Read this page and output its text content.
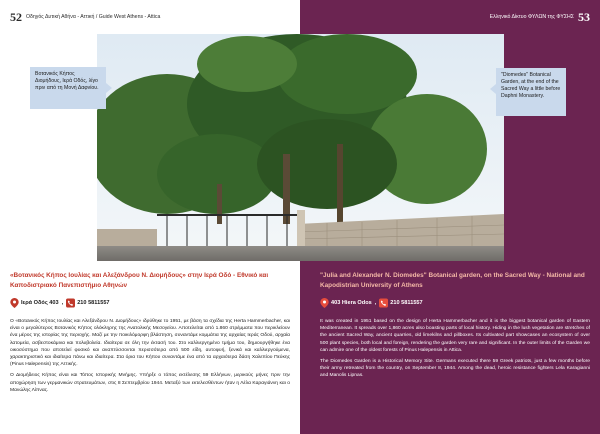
52 Οδηγός Δυτική Αθήνα - Αττική / Guide West Athens - Attica
«Βοτανικός Κήπος Ιουλίας και Αλεξάνδρου Ν. Διομήδους» στην Ιερά Οδό - Εθνικό και Καποδιστριακό Πανεπιστήμιο Αθηνών
Ιερά Οδός 403 ,	210 5811557

Ο «Βοτανικός Κήπος Ιουλίας και Αλεξάνδρου Ν. Διομήδους» ιδρύθηκε το 1951, με βάση τα σχέδια της Herta Hammerbacher, και είναι ο μεγαλύτερος Βοτανικός Κήπος ολόκληρης της Ανατολικής Μεσογείου. Αποτελείται από 1.860 στρέμματα που περικλείουν ένα μέρος της ιστορίας της περιοχής. Μαζί με την ποικιλόμορφη βλάστηση, συναντάμε κομμάτια της αρχαίας Ιεράς Οδού, αρχαία λατομεία, ασβεστοκάμινα και πολυβολεία. Ιδιαίτερα σε όλη την έκτασή του. Στο καλλιεργημένο τμήμα του, δημιουργήθηκε ένα οικοσύστημα που αποτελεί φυσικό και αναπτύσσονται περισσότερα από 500 είδη, αυτοφυή, ξενικά και καλλιεργούμενα, χαρακτηριστικό και ιδιαίτερα πάνω και ιδιαίτερα. Στα όρια του Κήπου συναντάμε ένα από τα αρχαιότερα δάση Χαλεπίου Πεύκης (Pinus Halepensis) της Αττικής.

Ο Διομήδειος Κήπος είναι και Τόπος Ιστορικής Μνήμης. Υπήρξε ο τόπος εκτέλεσης 59 Ελλήνων, μερικούς μήνες πριν την αποχώρηση των γερμανικών στρατευμάτων, στις 8 Σεπτεμβρίου 1944. Μεταξύ των εκτελεσθέντων ήταν η Λέλα Καραγιάννη και ο Μανώλης Λίπνας.

Ελληνικό Δίκτυο ΦΥΛΩΝ της ΦΥΣΗΣ 53
"Julia and Alexander N. Diomedes" Botanical garden, on the Sacred Way - National and Kapodistrian University of Athens
403 Hiera Odos ,	210 5811557

It was created in 1951 based on the design of Herta Hammerbacher and it is the biggest botanical garden of Eastern Mediterranean. It spreads over 1,860 acres also boasting parts of local history. Hiding in the lush vegetation are stretches of the ancient Sacred Way, ancient quarries, old limekilns and pillboxes. Its cultivated part showcases an ecosystem of over 500 plant species, both local and foreign, rendering the garden very rare and significant. In the outer limits of the Garden we can admire one of the oldest forests of Pinus Halepensis in Attica.

The Diomedes Garden is a Historical Memory Site. Germans executed there 59 Greek patriots, just a few months before their army retreated from the country, on September 8, 1944. Among the dead, heroic resistance fighters Lela Karagianni and Manolis Lipnas.

Βοτανικός Κήπος Διομήδους, Ιερά Οδός, λίγο πριν από τη Μονή Δαφνίου.
"Diomedes" Botanical Garden, at the end of the Sacred Way a little before Daphni Monastery.
